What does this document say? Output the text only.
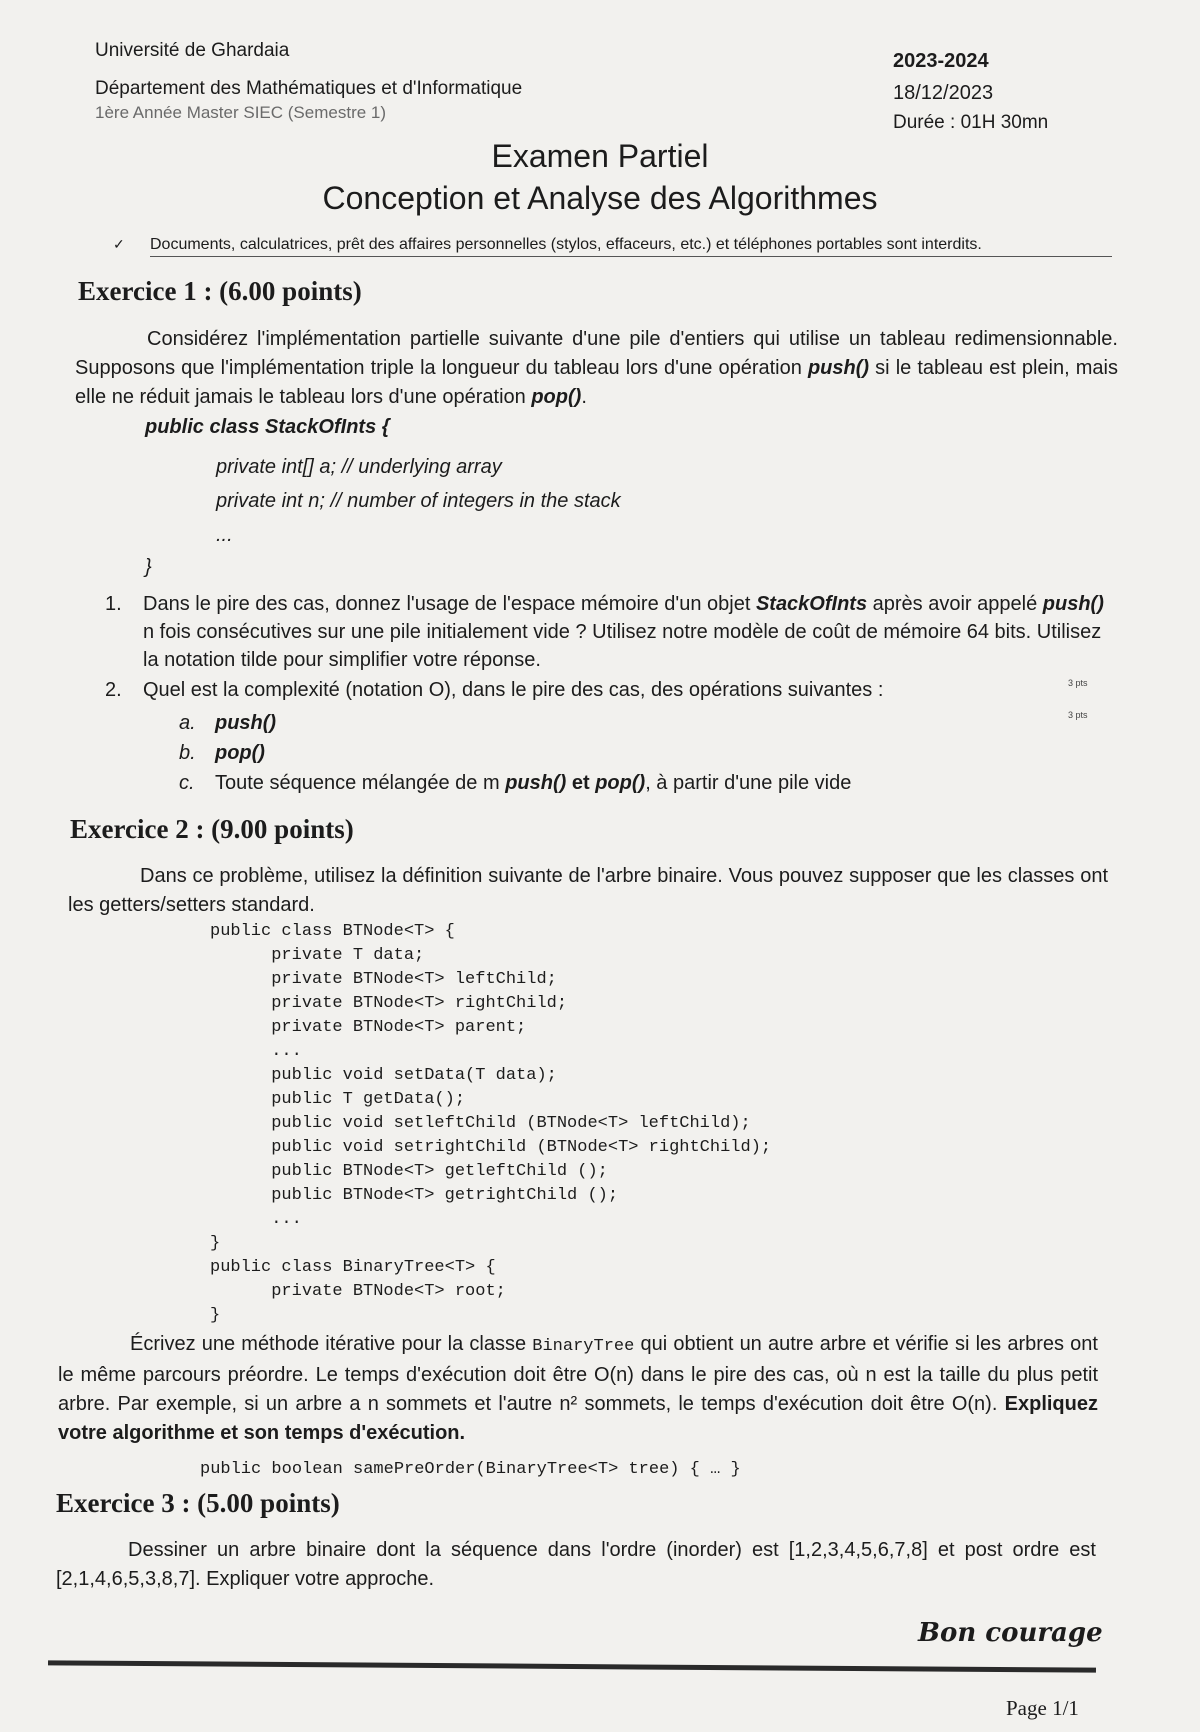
Université de Ghardaia
Département des Mathématiques et d'Informatique
1ère Année Master SIEC (Semestre 1)
2023-2024
18/12/2023
Durée : 01H 30mn
Examen Partiel
Conception et Analyse des Algorithmes
✓ Documents, calculatrices, prêt des affaires personnelles (stylos, effaceurs, etc.) et téléphones portables sont interdits.
Exercice 1 : (6.00 points)
Considérez l'implémentation partielle suivante d'une pile d'entiers qui utilise un tableau redimensionnable. Supposons que l'implémentation triple la longueur du tableau lors d'une opération push() si le tableau est plein, mais elle ne réduit jamais le tableau lors d'une opération pop().
public class StackOfInts {
private int[] a; // underlying array
private int n; // number of integers in the stack
...
}
1. Dans le pire des cas, donnez l'usage de l'espace mémoire d'un objet StackOfInts après avoir appelé push() n fois consécutives sur une pile initialement vide ? Utilisez notre modèle de coût de mémoire 64 bits. Utilisez la notation tilde pour simplifier votre réponse.
2. Quel est la complexité (notation O), dans le pire des cas, des opérations suivantes :
a. push()
b. pop()
c. Toute séquence mélangée de m push() et pop(), à partir d'une pile vide
3 pts
3 pts
Exercice 2 : (9.00 points)
Dans ce problème, utilisez la définition suivante de l'arbre binaire. Vous pouvez supposer que les classes ont les getters/setters standard.
public class BTNode<T> {
private T data;
private BTNode<T> leftChild;
private BTNode<T> rightChild;
private BTNode<T> parent;
...
public void setData(T data);
public T getData();
public void setleftChild (BTNode<T> leftChild);
public void setrightChild (BTNode<T> rightChild);
public BTNode<T> getleftChild ();
public BTNode<T> getrightChild ();
...
}
public class BinaryTree<T> {
private BTNode<T> root;
}
Écrivez une méthode itérative pour la classe BinaryTree qui obtient un autre arbre et vérifie si les arbres ont le même parcours préordre. Le temps d'exécution doit être O(n) dans le pire des cas, où n est la taille du plus petit arbre. Par exemple, si un arbre a n sommets et l'autre n² sommets, le temps d'exécution doit être O(n). Expliquez votre algorithme et son temps d'exécution.
public boolean samePreOrder(BinaryTree<T> tree) { … }
Exercice 3 : (5.00 points)
Dessiner un arbre binaire dont la séquence dans l'ordre (inorder) est [1,2,3,4,5,6,7,8] et post ordre est [2,1,4,6,5,3,8,7]. Expliquer votre approche.
Bon courage
Page 1/1
